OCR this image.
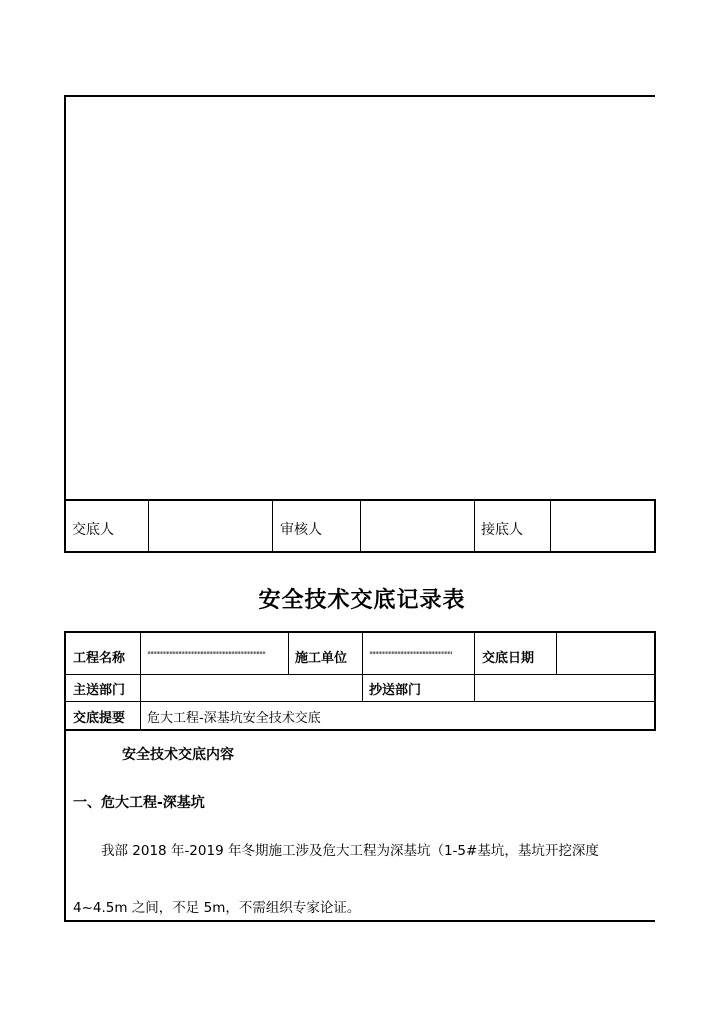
交底人	审核人	接底人
安全技术交底记录表
工程名称 ''''''''''''''''''''''''''''''''''''''''''''''''''''''''''''''''''''''''''''''''	施工单位 ''''''''''''''''''''''''''''''''''''''''''''''''''''''''	交底日期
主送部门	抄送部门
交底提要 危大工程-深基坑安全技术交底
安全技术交底内容
一、危大工程-深基坑
我部 2018 年-2019 年冬期施工涉及危大工程为深基坑（1-5#基坑，基坑开挖深度
4~4.5m 之间，不足 5m，不需组织专家论证。
